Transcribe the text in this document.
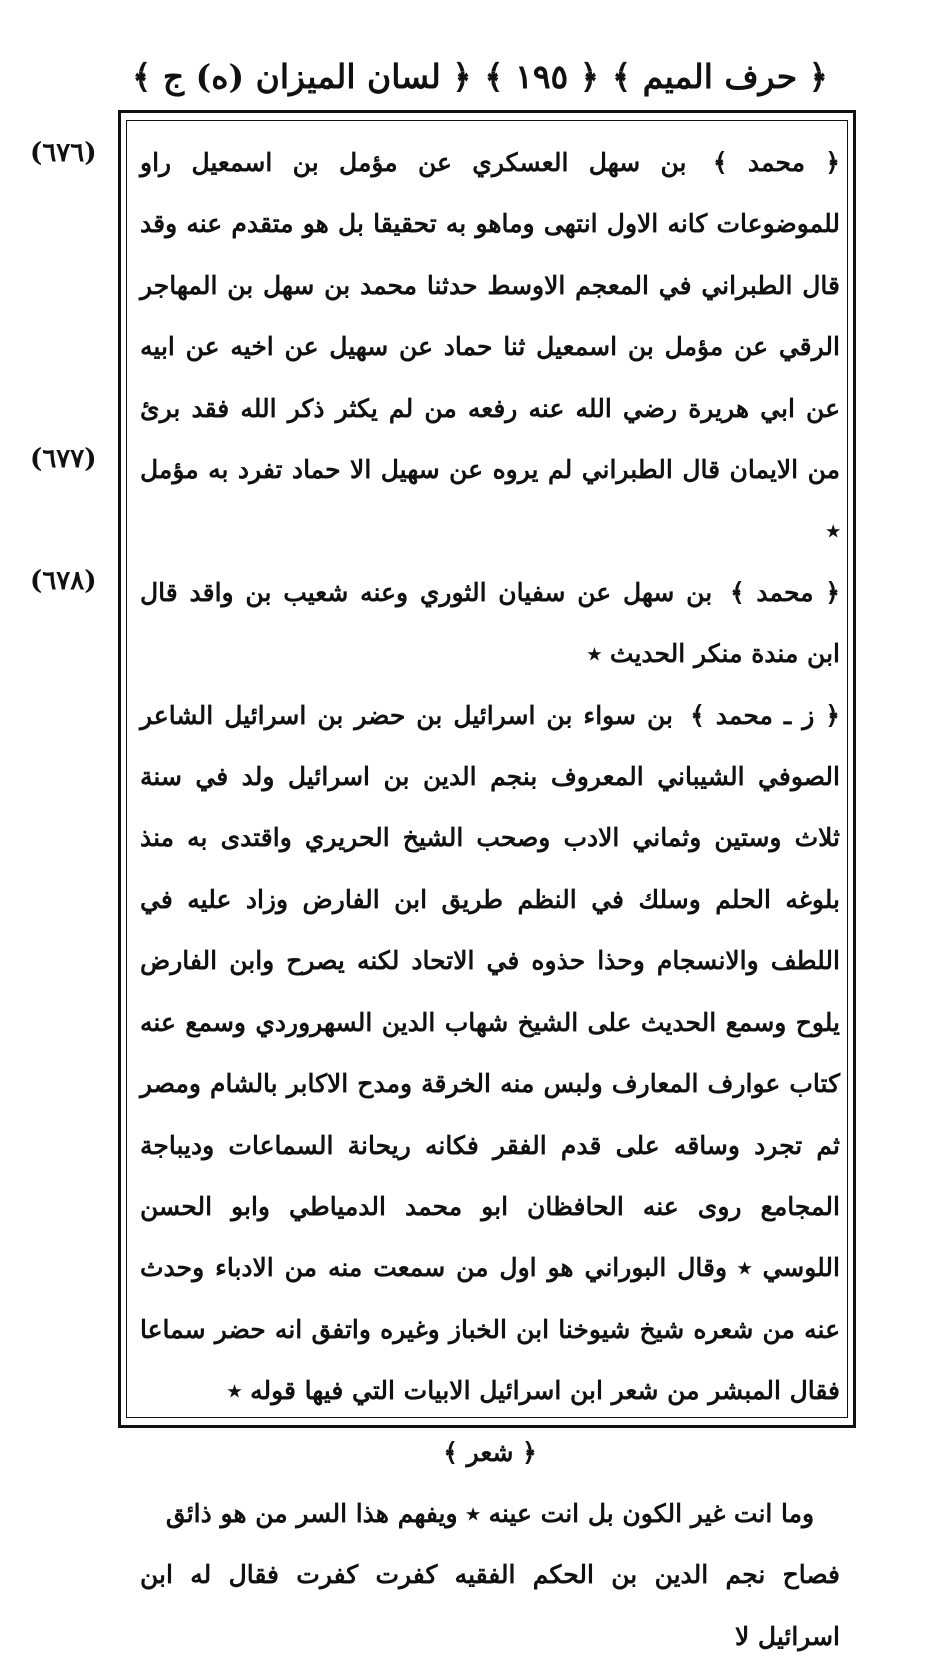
﴿ حرف الميم ﴾
﴿ ١٩٥ ﴾
﴿ لسان الميزان (ه) ج ﴾
(٦٧٦)
(٦٧٧)
(٦٧٨)

﴿ محمد ﴾ بن سهل العسكري عن مؤمل بن اسمعيل راو للموضوعات كانه الاول انتهى وماهو به تحقيقا بل هو متقدم عنه وقد قال الطبراني في المعجم الاوسط حدثنا محمد بن سهل بن المهاجر الرقي عن مؤمل بن اسمعيل ثنا حماد عن سهيل عن اخيه عن ابيه عن ابي هريرة رضي الله عنه رفعه من لم يكثر ذكر الله فقد برئ من الايمان قال الطبراني لم يروه عن سهيل الا حماد تفرد به مؤمل ٭

﴿ محمد ﴾ بن سهل عن سفيان الثوري وعنه شعيب بن واقد قال ابن مندة منكر الحديث ٭

﴿ ز ـ محمد ﴾ بن سواء بن اسرائيل بن حضر بن اسرائيل الشاعر الصوفي الشيباني المعروف بنجم الدين بن اسرائيل ولد في سنة ثلاث وستين وثماني الادب وصحب الشيخ الحريري واقتدى به منذ بلوغه الحلم وسلك في النظم طريق ابن الفارض وزاد عليه في اللطف والانسجام وحذا حذوه في الاتحاد لكنه يصرح وابن الفارض يلوح وسمع الحديث على الشيخ شهاب الدين السهروردي وسمع عنه كتاب عوارف المعارف ولبس منه الخرقة ومدح الاكابر بالشام ومصر ثم تجرد وساقه على قدم الفقر فكانه ريحانة السماعات وديباجة المجامع روى عنه الحافظان ابو محمد الدمياطي وابو الحسن اللوسي ٭ وقال البوراني هو اول من سمعت منه من الادباء وحدث عنه من شعره شيخ شيوخنا ابن الخباز وغيره واتفق انه حضر سماعا فقال المبشر من شعر ابن اسرائيل الابيات التي فيها قوله ٭

﴿ شعر ﴾
وما انت غير الكون بل انت عينه ٭ ويفهم هذا السر من هو ذائق
فصاح نجم الدين بن الحكم الفقيه كفرت كفرت فقال له ابن اسرائيل لا
